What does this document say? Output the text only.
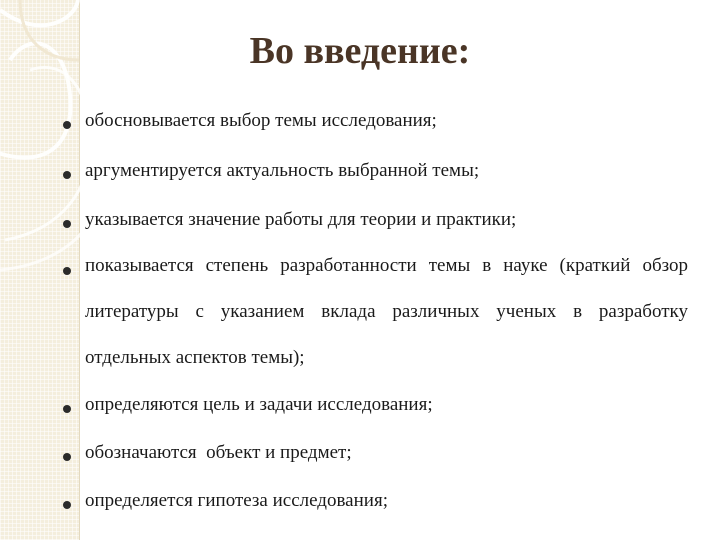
Во введение:
обосновывается выбор темы исследования;
аргументируется актуальность выбранной темы;
указывается значение работы для теории и практики;
показывается степень разработанности темы в науке (краткий обзор литературы с указанием вклада различных ученых в разработку отдельных аспектов темы);
определяются цель и задачи исследования;
обозначаются  объект и предмет;
определяется гипотеза исследования;
